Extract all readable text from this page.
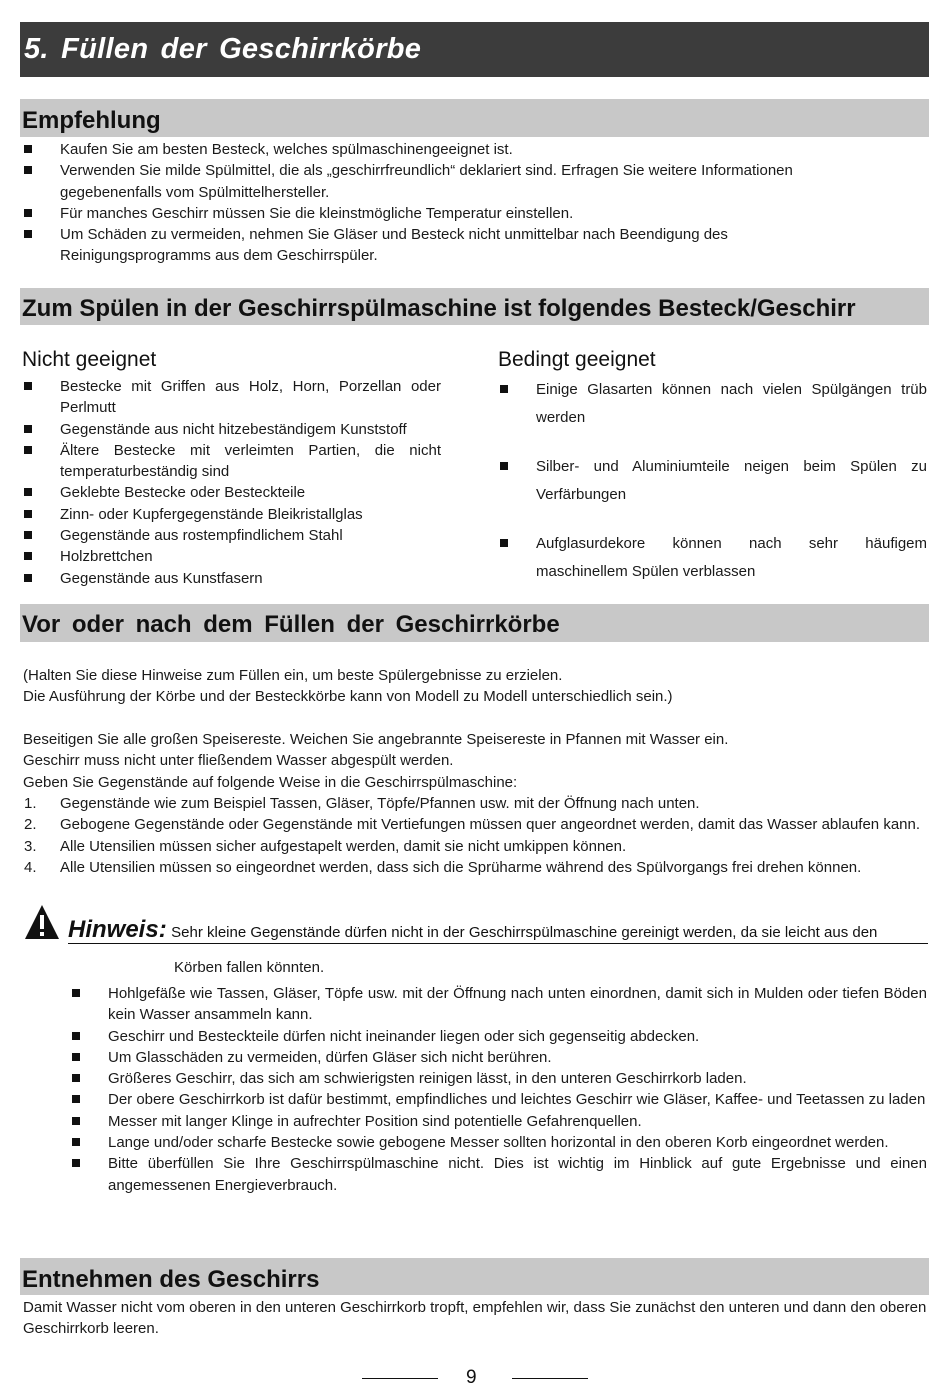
5. Füllen der Geschirrkörbe
Empfehlung
Kaufen Sie am besten Besteck, welches spülmaschinengeeignet ist.
Verwenden Sie milde Spülmittel, die als „geschirrfreundlich“ deklariert sind. Erfragen Sie weitere Informationen gegebenenfalls vom Spülmittelhersteller.
Für manches Geschirr müssen Sie die kleinstmögliche Temperatur einstellen.
Um Schäden zu vermeiden, nehmen Sie Gläser und Besteck nicht unmittelbar nach Beendigung des Reinigungsprogramms aus dem Geschirrspüler.
Zum Spülen in der Geschirrspülmaschine ist folgendes Besteck/Geschirr
Nicht geeignet
Bestecke mit Griffen aus Holz, Horn, Porzellan oder Perlmutt
Gegenstände aus nicht hitzebeständigem Kunststoff
Ältere Bestecke mit verleimten Partien, die nicht temperaturbeständig sind
Geklebte Bestecke oder Besteckteile
Zinn- oder Kupfergegenstände Bleikristallglas
Gegenstände aus rostempfindlichem Stahl
Holzbrettchen
Gegenstände aus Kunstfasern
Bedingt geeignet
Einige Glasarten können nach vielen Spülgängen trüb werden
Silber- und Aluminiumteile neigen beim Spülen zu Verfärbungen
Aufglasurdekore können nach sehr häufigem maschinellem Spülen verblassen
Vor oder nach dem Füllen der Geschirrkörbe
(Halten Sie diese Hinweise zum Füllen ein, um beste Spülergebnisse zu erzielen.
Die Ausführung der Körbe und der Besteckkörbe kann von Modell zu Modell unterschiedlich sein.)
Beseitigen Sie alle großen Speisereste. Weichen Sie angebrannte Speisereste in Pfannen mit Wasser ein.
Geschirr muss nicht unter fließendem Wasser abgespült werden.
Geben Sie Gegenstände auf folgende Weise in die Geschirrspülmaschine:
1. Gegenstände wie zum Beispiel Tassen, Gläser, Töpfe/Pfannen usw. mit der Öffnung nach unten.
2. Gebogene Gegenstände oder Gegenstände mit Vertiefungen müssen quer angeordnet werden, damit das Wasser ablaufen kann.
3. Alle Utensilien müssen sicher aufgestapelt werden, damit sie nicht umkippen können.
4. Alle Utensilien müssen so eingeordnet werden, dass sich die Sprüharme während des Spülvorgangs frei drehen können.
Hinweis: Sehr kleine Gegenstände dürfen nicht in der Geschirrspülmaschine gereinigt werden, da sie leicht aus den
Körben fallen könnten.
Hohlgefäße wie Tassen, Gläser, Töpfe usw. mit der Öffnung nach unten einordnen, damit sich in Mulden oder tiefen Böden kein Wasser ansammeln kann.
Geschirr und Besteckteile dürfen nicht ineinander liegen oder sich gegenseitig abdecken.
Um Glasschäden zu vermeiden, dürfen Gläser sich nicht berühren.
Größeres Geschirr, das sich am schwierigsten reinigen lässt, in den unteren Geschirrkorb laden.
Der obere Geschirrkorb ist dafür bestimmt, empfindliches und leichtes Geschirr wie Gläser, Kaffee- und Teetassen zu laden
Messer mit langer Klinge in aufrechter Position sind potentielle Gefahrenquellen.
Lange und/oder scharfe Bestecke sowie gebogene Messer sollten horizontal in den oberen Korb eingeordnet werden.
Bitte überfüllen Sie Ihre Geschirrspülmaschine nicht. Dies ist wichtig im Hinblick auf gute Ergebnisse und einen angemessenen Energieverbrauch.
Entnehmen des Geschirrs
Damit Wasser nicht vom oberen in den unteren Geschirrkorb tropft, empfehlen wir, dass Sie zunächst den unteren und dann den oberen Geschirrkorb leeren.
9
